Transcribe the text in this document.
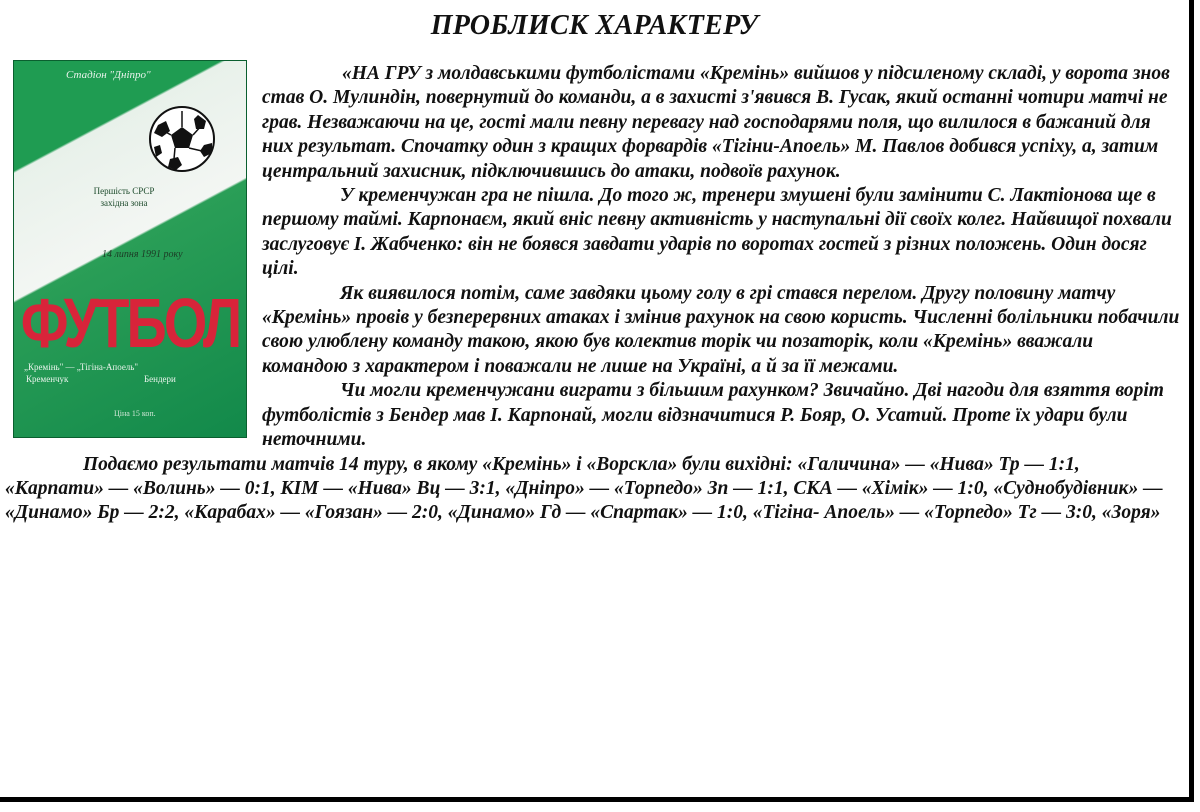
ПРОБЛИСК ХАРАКТЕРУ
Стадіон "Дніпро"
Першість СРСР
західна зона
14 липня 1991 року
ФУТБОЛ
„Кремінь" — „Тігіна-Апоель"
Кременчук	Бендери
Ціна 15 коп.

«НА ГРУ з молдавськими футболістами «Кремінь» вийшов у підсиленому складі, у ворота знов став О. Мулиндін, повернутий до команди, а в захисті з'явився В. Гусак, який останні чотири матчі не грав. Незважаючи на це, гості мали певну перевагу над господарями поля, що вилилося в бажаний для них результат. Спочатку один з кращих форвардів «Тігіни-Апоель» М. Павлов добився успіху, а, затим центральний захисник, підключившись до атаки, подвоїв рахунок.

У кременчужан гра не пішла. До того ж, тренери змушені були замінити С. Лактіонова ще в першому таймі. Карпонаєм, який вніс певну активність у наступальні дії своїх колег. Найвищої похвали заслуговує І. Жабченко: він не боявся завдати ударів по воротах гостей з різних положень. Один досяг цілі.

Як виявилося потім, саме завдяки цьому голу в грі стався перелом. Другу половину матчу «Кремінь» провів у безперервних атаках і змінив рахунок на свою користь. Численні болільники побачили свою улюблену команду такою, якою був колектив торік чи позаторік, коли «Кремінь» вважали командою з характером і поважали не лише на Україні, а й за її межами.

Чи могли кременчужани виграти з більшим рахунком? Звичайно. Дві нагоди для взяття воріт футболістів з Бендер мав І. Карпонай, могли відзначитися Р. Бояр, О. Усатий. Проте їх удари були неточними.

Подаємо результати матчів 14 туру, в якому «Кремінь» і «Ворскла» були вихідні: «Галичина» — «Нива» Тр — 1:1, «Карпати» — «Волинь» — 0:1, КІМ — «Нива» Вц — 3:1, «Дніпро» — «Торпедо» Зп — 1:1, СКА — «Хімік» — 1:0, «Суднобудівник» — «Динамо» Бр — 2:2, «Карабах» — «Гоязан» — 2:0, «Динамо» Гд — «Спартак» — 1:0, «Тігіна- Апоель» — «Торпедо» Тг — 3:0, «Зоря»
